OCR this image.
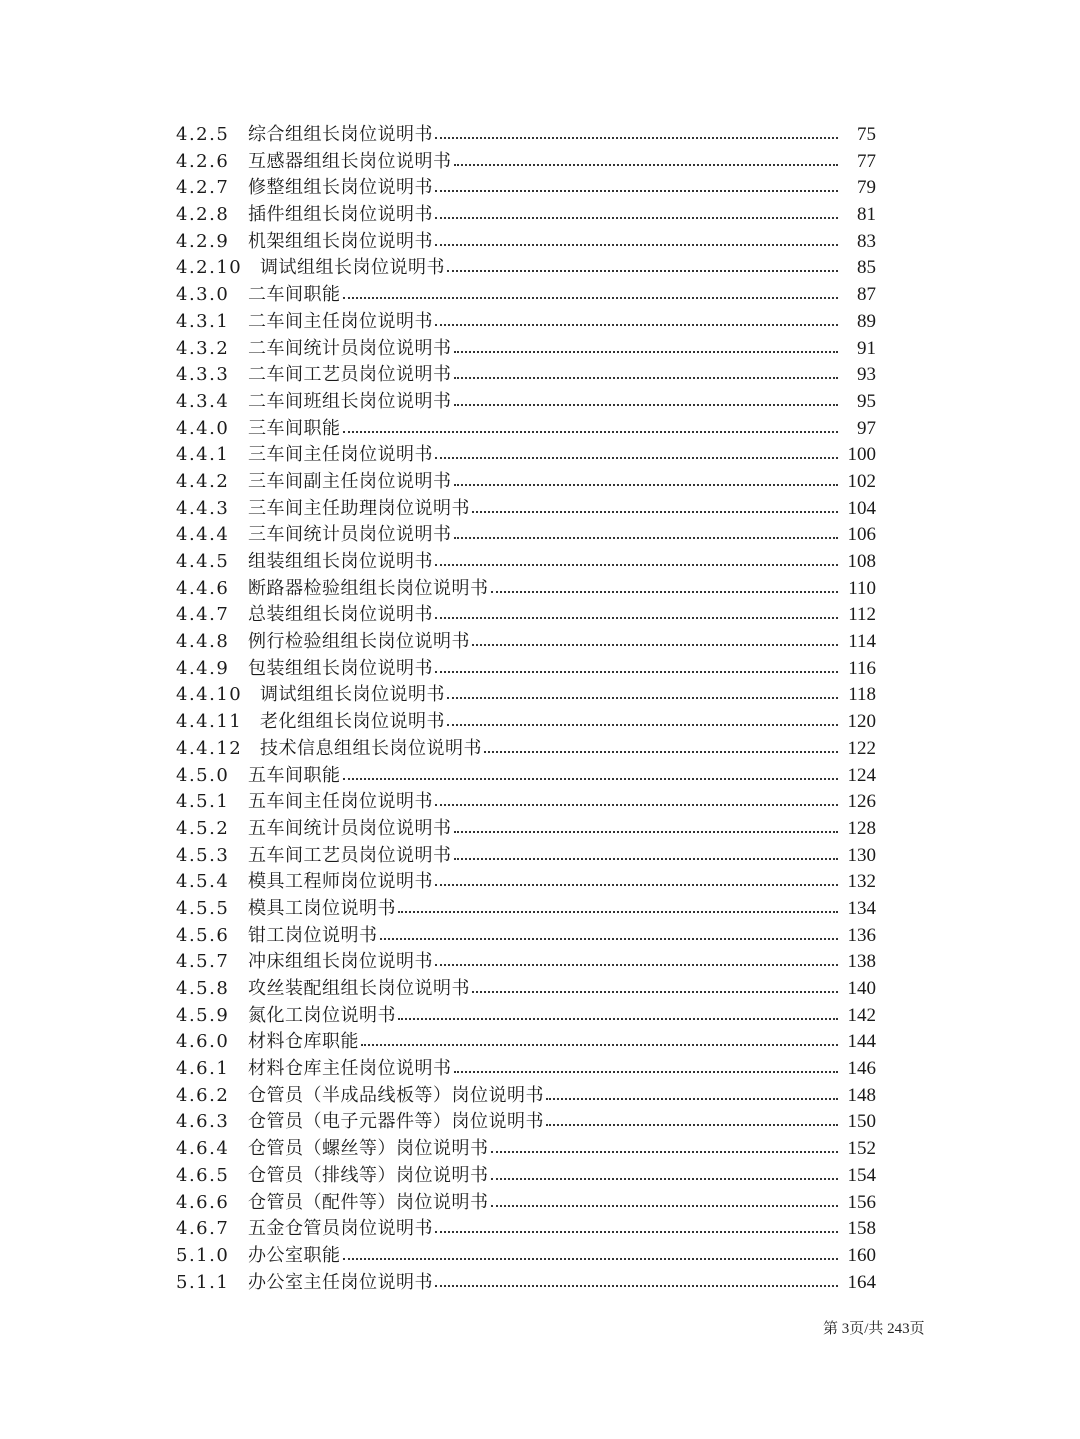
4.2.5	综合组组长岗位说明书	75
4.2.6	互感器组组长岗位说明书	77
4.2.7	修整组组长岗位说明书	79
4.2.8	插件组组长岗位说明书	81
4.2.9	机架组组长岗位说明书	83
4.2.10 调试组组长岗位说明书	85
4.3.0	二车间职能	87
4.3.1	二车间主任岗位说明书	89
4.3.2	二车间统计员岗位说明书	91
4.3.3	二车间工艺员岗位说明书	93
4.3.4	二车间班组长岗位说明书	95
4.4.0	三车间职能	97
4.4.1	三车间主任岗位说明书	100
4.4.2	三车间副主任岗位说明书	102
4.4.3	三车间主任助理岗位说明书	104
4.4.4	三车间统计员岗位说明书	106
4.4.5	组装组组长岗位说明书	108
4.4.6	断路器检验组组长岗位说明书	110
4.4.7	总装组组长岗位说明书	112
4.4.8	例行检验组组长岗位说明书	114
4.4.9	包装组组长岗位说明书	116
4.4.10 调试组组长岗位说明书	118
4.4.11 老化组组长岗位说明书	120
4.4.12 技术信息组组长岗位说明书	122
4.5.0	五车间职能	124
4.5.1	五车间主任岗位说明书	126
4.5.2	五车间统计员岗位说明书	128
4.5.3	五车间工艺员岗位说明书	130
4.5.4	模具工程师岗位说明书	132
4.5.5	模具工岗位说明书	134
4.5.6	钳工岗位说明书	136
4.5.7	冲床组组长岗位说明书	138
4.5.8	攻丝装配组组长岗位说明书	140
4.5.9	氮化工岗位说明书	142
4.6.0	材料仓库职能	144
4.6.1	材料仓库主任岗位说明书	146
4.6.2	仓管员（半成品线板等）岗位说明书	148
4.6.3	仓管员（电子元器件等）岗位说明书	150
4.6.4	仓管员（螺丝等）岗位说明书	152
4.6.5	仓管员（排线等）岗位说明书	154
4.6.6	仓管员（配件等）岗位说明书	156
4.6.7	五金仓管员岗位说明书	158
5.1.0	办公室职能	160
5.1.1	办公室主任岗位说明书	164
第 3页/共 243页
